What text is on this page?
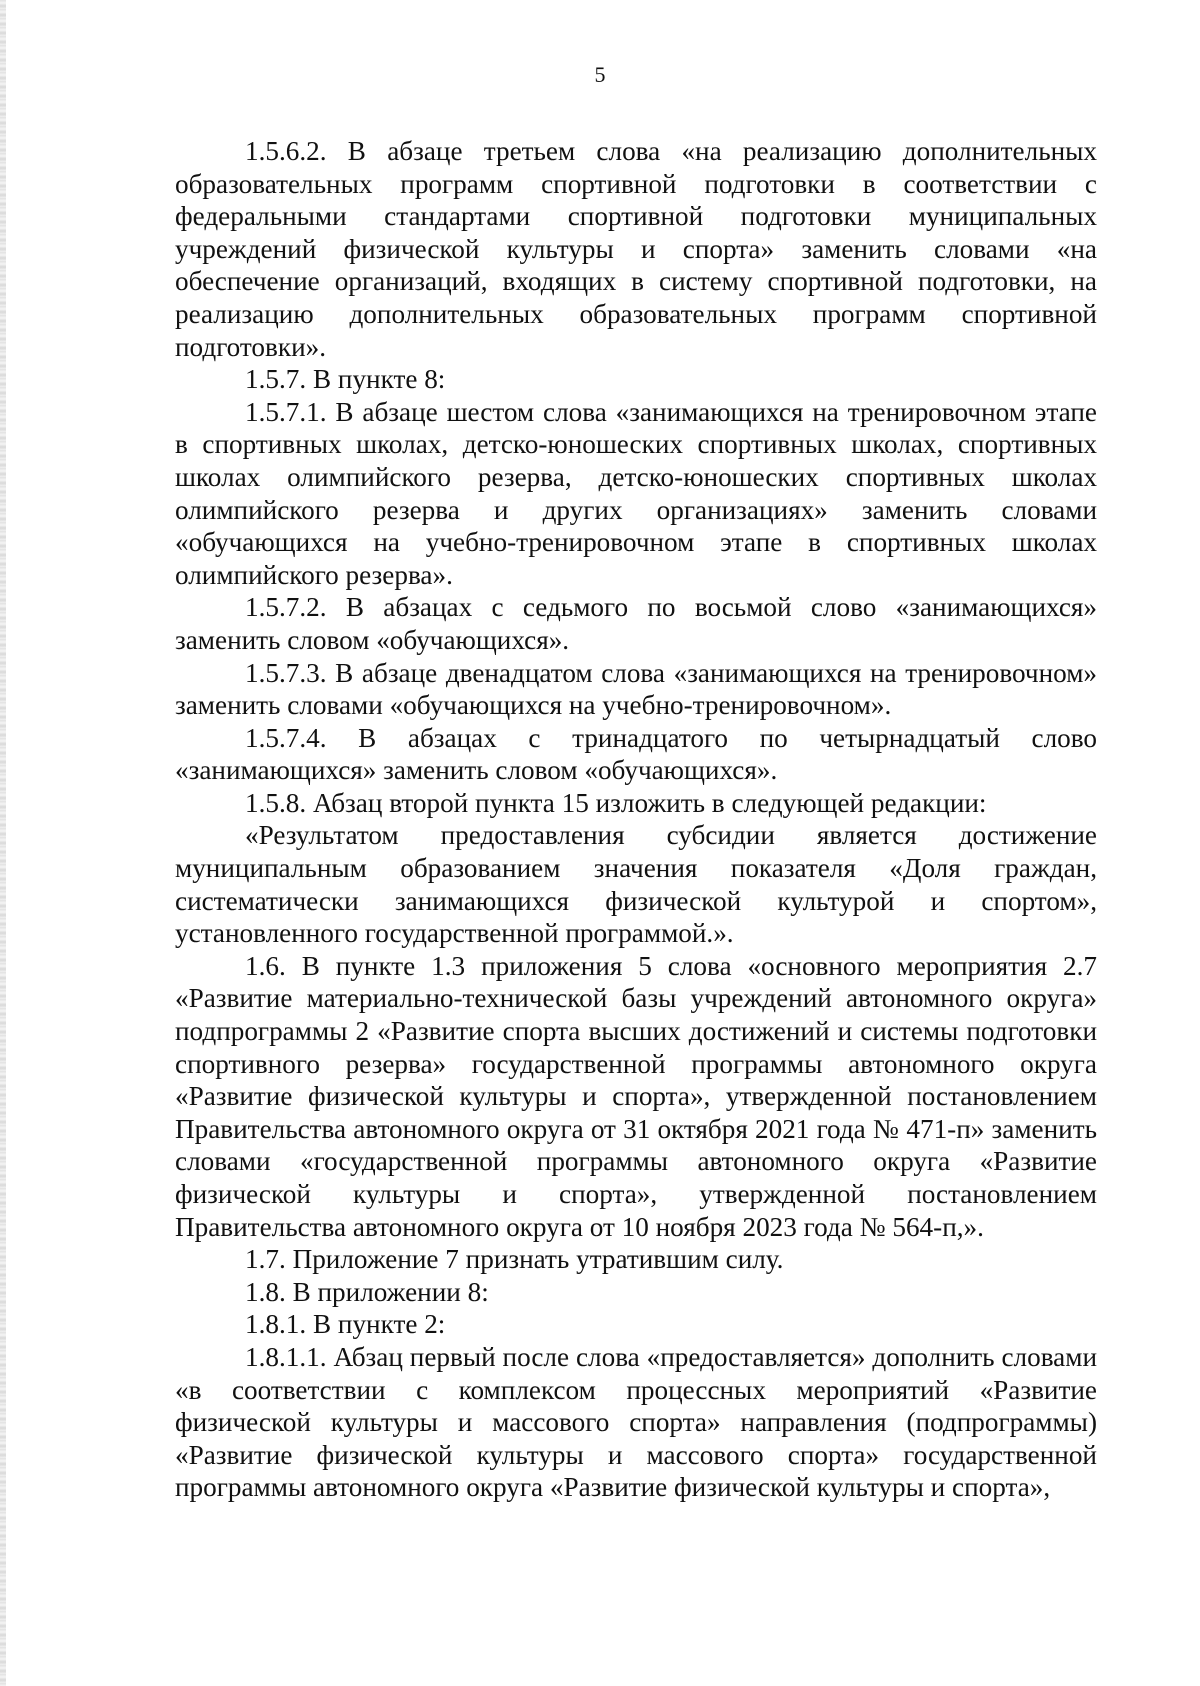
5

1.5.6.2. В абзаце третьем слова «на реализацию дополнительных образовательных программ спортивной подготовки в соответствии с федеральными стандартами спортивной подготовки муниципальных учреждений физической культуры и спорта» заменить словами «на обеспечение организаций, входящих в систему спортивной подготовки, на реализацию дополнительных образовательных программ спортивной подготовки».

1.5.7. В пункте 8:

1.5.7.1. В абзаце шестом слова «занимающихся на тренировочном этапе в спортивных школах, детско-юношеских спортивных школах, спортивных школах олимпийского резерва, детско-юношеских спортивных школах олимпийского резерва и других организациях» заменить словами «обучающихся на учебно-тренировочном этапе в спортивных школах олимпийского резерва».

1.5.7.2. В абзацах с седьмого по восьмой слово «занимающихся» заменить словом «обучающихся».

1.5.7.3. В абзаце двенадцатом слова «занимающихся на тренировочном» заменить словами «обучающихся на учебно-тренировочном».

1.5.7.4. В абзацах с тринадцатого по четырнадцатый слово «занимающихся» заменить словом «обучающихся».

1.5.8. Абзац второй пункта 15 изложить в следующей редакции:

«Результатом предоставления субсидии является достижение муниципальным образованием значения показателя «Доля граждан, систематически занимающихся физической культурой и спортом», установленного государственной программой.».

1.6. В пункте 1.3 приложения 5 слова «основного мероприятия 2.7 «Развитие материально-технической базы учреждений автономного округа» подпрограммы 2 «Развитие спорта высших достижений и системы подготовки спортивного резерва» государственной программы автономного округа «Развитие физической культуры и спорта», утвержденной постановлением Правительства автономного округа от 31 октября 2021 года № 471-п» заменить словами «государственной программы автономного округа «Развитие физической культуры и спорта», утвержденной постановлением Правительства автономного округа от 10 ноября 2023 года № 564-п,».

1.7. Приложение 7 признать утратившим силу.

1.8. В приложении 8:

1.8.1. В пункте 2:

1.8.1.1. Абзац первый после слова «предоставляется» дополнить словами «в соответствии с комплексом процессных мероприятий «Развитие физической культуры и массового спорта» направления (подпрограммы) «Развитие физической культуры и массового спорта» государственной программы автономного округа «Развитие физической культуры и спорта»,
